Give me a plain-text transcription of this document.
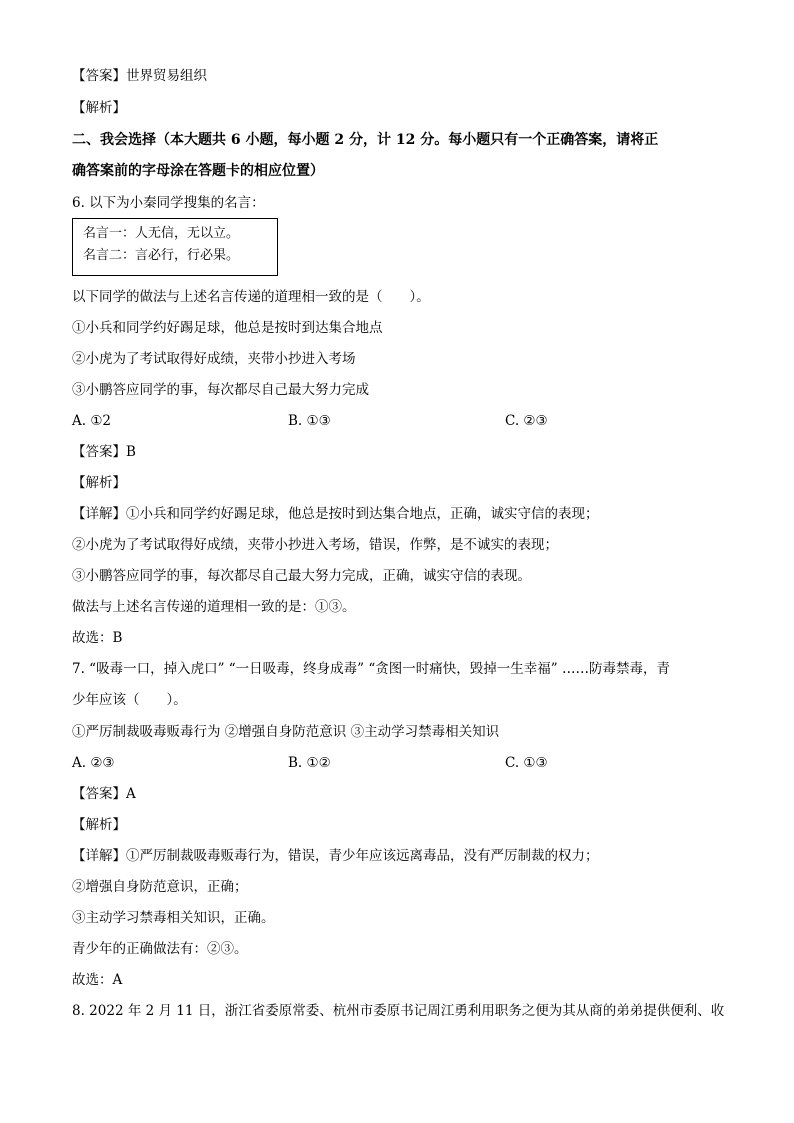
【答案】世界贸易组织
【解析】
二、我会选择（本大题共 6 小题，每小题 2 分，计 12 分。每小题只有一个正确答案，请将正
确答案前的字母涂在答题卡的相应位置）
6. 以下为小秦同学搜集的名言：
名言一：人无信，无以立。
名言二：言必行，行必果。
以下同学的做法与上述名言传递的道理相一致的是（　　）。
①小兵和同学约好踢足球，他总是按时到达集合地点
②小虎为了考试取得好成绩，夹带小抄进入考场
③小鹏答应同学的事，每次都尽自己最大努力完成
A. ①2	B. ①③	C. ②③
【答案】B
【解析】
【详解】①小兵和同学约好踢足球，他总是按时到达集合地点，正确，诚实守信的表现；
②小虎为了考试取得好成绩，夹带小抄进入考场，错误，作弊，是不诚实的表现；
③小鹏答应同学的事，每次都尽自己最大努力完成，正确，诚实守信的表现。
做法与上述名言传递的道理相一致的是：①③。
故选：B
7. “吸毒一口，掉入虎口” “一日吸毒，终身成毒” “贪图一时痛快，毁掉一生幸福” ……防毒禁毒，青
少年应该（　　）。
①严厉制裁吸毒贩毒行为 ②增强自身防范意识 ③主动学习禁毒相关知识
A. ②③	B. ①②	C. ①③
【答案】A
【解析】
【详解】①严厉制裁吸毒贩毒行为，错误，青少年应该远离毒品，没有严厉制裁的权力；
②增强自身防范意识，正确；
③主动学习禁毒相关知识，正确。
青少年的正确做法有：②③。
故选：A
8. 2022 年 2 月 11 日，浙江省委原常委、杭州市委原书记周江勇利用职务之便为其从商的弟弟提供便利、收
